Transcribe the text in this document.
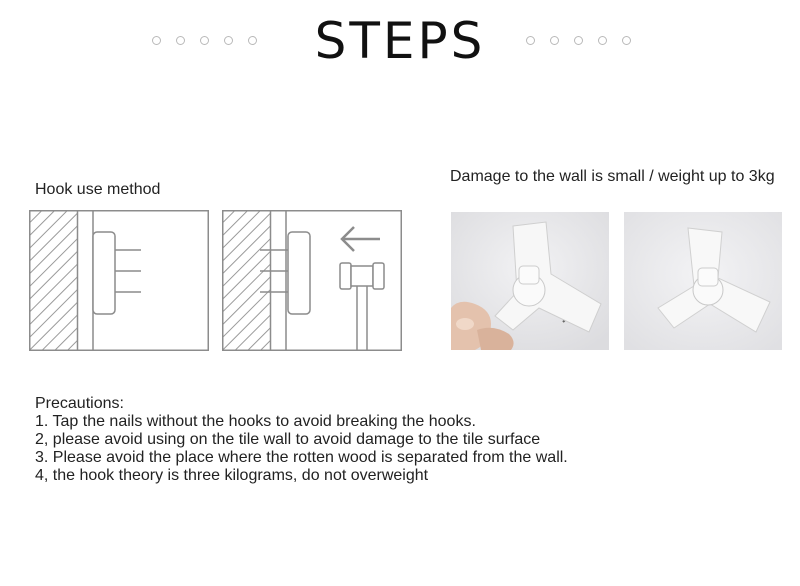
STEPS
Hook use method
Damage to the wall is small / weight up to 3kg
Precautions:
1. Tap the nails without the hooks to avoid breaking the hooks.
2, please avoid using on the tile wall to avoid damage to the tile surface
3. Please avoid the place where the rotten wood is separated from the wall.
4, the hook theory is three kilograms, do not overweight
